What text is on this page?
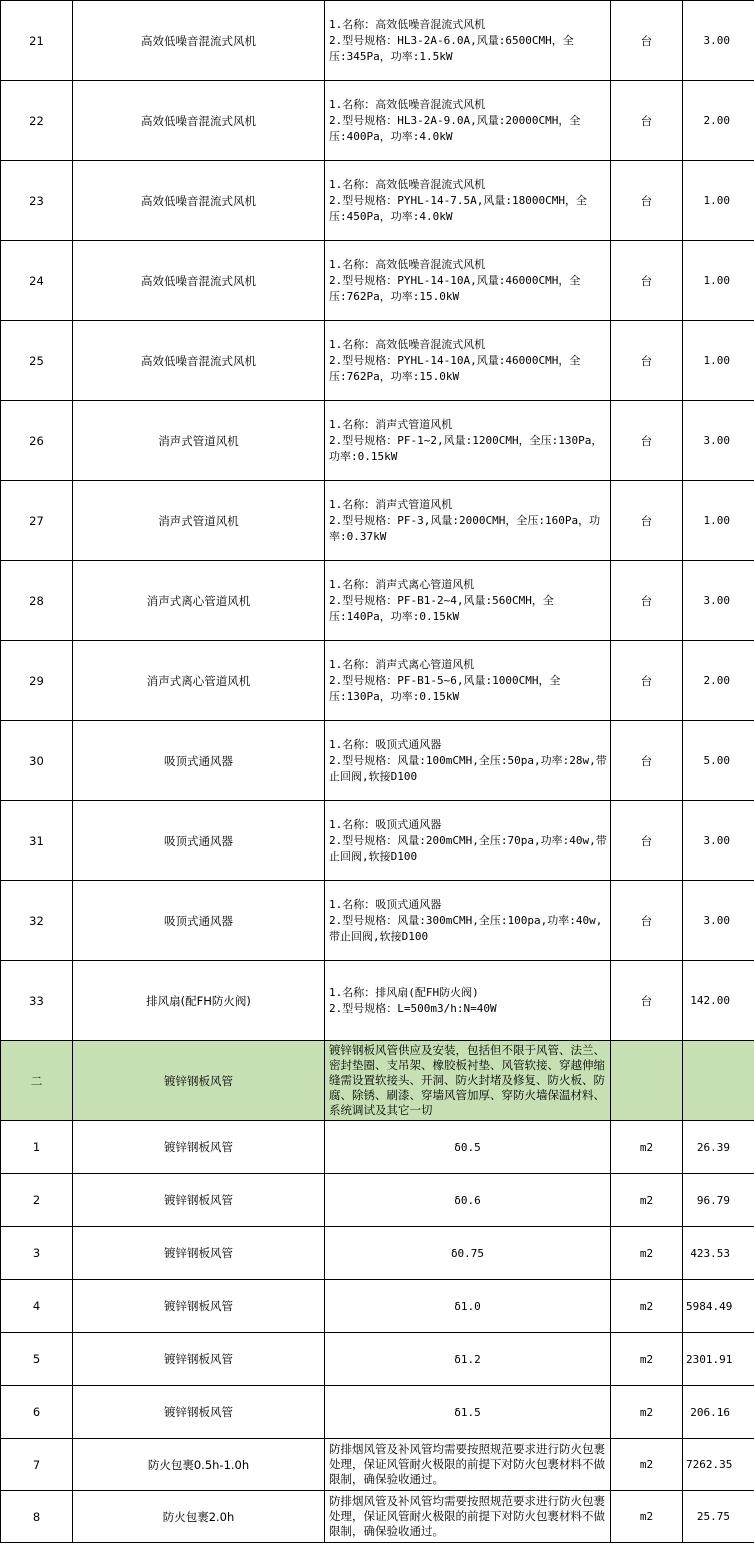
21	高效低噪音混流式风机	1.名称：高效低噪音混流式风机
2.型号规格：HL3-2A-6.0A,风量:6500CMH，全压:345Pa，功率:1.5kW	台	3.00
22	高效低噪音混流式风机	1.名称：高效低噪音混流式风机
2.型号规格：HL3-2A-9.0A,风量:20000CMH，全压:400Pa，功率:4.0kW	台	2.00
23	高效低噪音混流式风机	1.名称：高效低噪音混流式风机
2.型号规格：PYHL-14-7.5A,风量:18000CMH，全压:450Pa，功率:4.0kW	台	1.00
24	高效低噪音混流式风机	1.名称：高效低噪音混流式风机
2.型号规格：PYHL-14-10A,风量:46000CMH，全压:762Pa，功率:15.0kW	台	1.00
25	高效低噪音混流式风机	1.名称：高效低噪音混流式风机
2.型号规格：PYHL-14-10A,风量:46000CMH，全压:762Pa，功率:15.0kW	台	1.00
26	消声式管道风机	1.名称：消声式管道风机
2.型号规格：PF-1~2,风量:1200CMH，全压:130Pa，功率:0.15kW	台	3.00
27	消声式管道风机	1.名称：消声式管道风机
2.型号规格：PF-3,风量:2000CMH，全压:160Pa，功率:0.37kW	台	1.00
28	消声式离心管道风机	1.名称：消声式离心管道风机
2.型号规格：PF-B1-2~4,风量:560CMH，全压:140Pa，功率:0.15kW	台	3.00
29	消声式离心管道风机	1.名称：消声式离心管道风机
2.型号规格：PF-B1-5~6,风量:1000CMH，全压:130Pa，功率:0.15kW	台	2.00
30	吸顶式通风器	1.名称：吸顶式通风器
2.型号规格：风量:100mCMH,全压:50pa,功率:28w,带止回阀,软接D100	台	5.00
31	吸顶式通风器	1.名称：吸顶式通风器
2.型号规格：风量:200mCMH,全压:70pa,功率:40w,带止回阀,软接D100	台	3.00
32	吸顶式通风器	1.名称：吸顶式通风器
2.型号规格：风量:300mCMH,全压:100pa,功率:40w,带止回阀,软接D100	台	3.00
33	排风扇(配FH防火阀)	1.名称：排风扇(配FH防火阀)
2.型号规格：L=500m3/h:N=40W	台	142.00
二	镀锌钢板风管	镀锌钢板风管供应及安装，包括但不限于风管、法兰、密封垫圈、支吊架、橡胶板衬垫、风管软接、穿越伸缩缝需设置软接头、开洞、防火封堵及修复、防火板、防腐、除锈、刷漆、穿墙风管加厚、穿防火墙保温材料、系统调试及其它一切		
1	镀锌钢板风管	δ0.5	m2	26.39
2	镀锌钢板风管	δ0.6	m2	96.79
3	镀锌钢板风管	δ0.75	m2	423.53
4	镀锌钢板风管	δ1.0	m2	5984.49
5	镀锌钢板风管	δ1.2	m2	2301.91
6	镀锌钢板风管	δ1.5	m2	206.16
7	防火包裹0.5h-1.0h	防排烟风管及补风管均需要按照规范要求进行防火包裹处理，保证风管耐火极限的前提下对防火包裹材料不做限制，确保验收通过。	m2	7262.35
8	防火包裹2.0h	防排烟风管及补风管均需要按照规范要求进行防火包裹处理，保证风管耐火极限的前提下对防火包裹材料不做限制，确保验收通过。	m2	25.75
